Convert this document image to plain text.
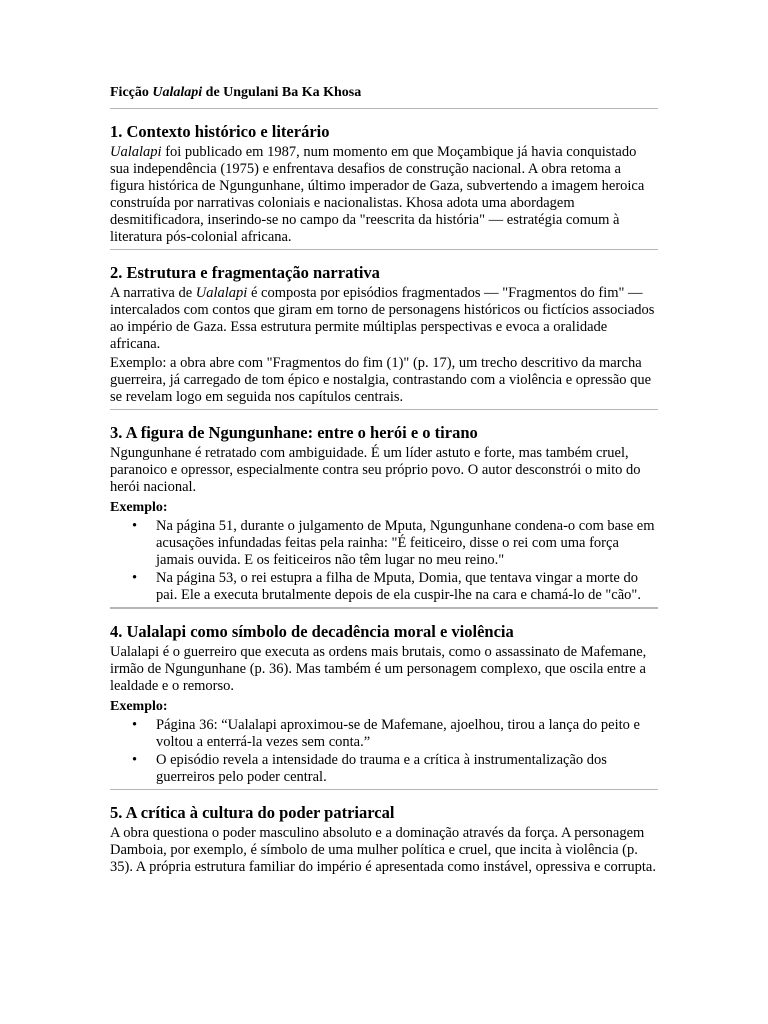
Ficção Ualalapi de Ungulani Ba Ka Khosa
1. Contexto histórico e literário

Ualalapi foi publicado em 1987, num momento em que Moçambique já havia conquistado sua independência (1975) e enfrentava desafios de construção nacional. A obra retoma a figura histórica de Ngungunhane, último imperador de Gaza, subvertendo a imagem heroica construída por narrativas coloniais e nacionalistas. Khosa adota uma abordagem desmitificadora, inserindo-se no campo da "reescrita da história" — estratégia comum à literatura pós-colonial africana.

2. Estrutura e fragmentação narrativa

A narrativa de Ualalapi é composta por episódios fragmentados — "Fragmentos do fim" — intercalados com contos que giram em torno de personagens históricos ou fictícios associados ao império de Gaza. Essa estrutura permite múltiplas perspectivas e evoca a oralidade africana.

Exemplo: a obra abre com "Fragmentos do fim (1)" (p. 17), um trecho descritivo da marcha guerreira, já carregado de tom épico e nostalgia, contrastando com a violência e opressão que se revelam logo em seguida nos capítulos centrais.

3. A figura de Ngungunhane: entre o herói e o tirano

Ngungunhane é retratado com ambiguidade. É um líder astuto e forte, mas também cruel, paranoico e opressor, especialmente contra seu próprio povo. O autor desconstrói o mito do herói nacional.

Exemplo:
• Na página 51, durante o julgamento de Mputa, Ngungunhane condena-o com base em acusações infundadas feitas pela rainha: "É feiticeiro, disse o rei com uma força jamais ouvida. E os feiticeiros não têm lugar no meu reino."
• Na página 53, o rei estupra a filha de Mputa, Domia, que tentava vingar a morte do pai. Ele a executa brutalmente depois de ela cuspir-lhe na cara e chamá-lo de "cão".
4. Ualalapi como símbolo de decadência moral e violência

Ualalapi é o guerreiro que executa as ordens mais brutais, como o assassinato de Mafemane, irmão de Ngungunhane (p. 36). Mas também é um personagem complexo, que oscila entre a lealdade e o remorso.

Exemplo:
• Página 36: “Ualalapi aproximou-se de Mafemane, ajoelhou, tirou a lança do peito e voltou a enterrá-la vezes sem conta.”
• O episódio revela a intensidade do trauma e a crítica à instrumentalização dos guerreiros pelo poder central.
5. A crítica à cultura do poder patriarcal

A obra questiona o poder masculino absoluto e a dominação através da força. A personagem Damboia, por exemplo, é símbolo de uma mulher política e cruel, que incita à violência (p. 35). A própria estrutura familiar do império é apresentada como instável, opressiva e corrupta.
